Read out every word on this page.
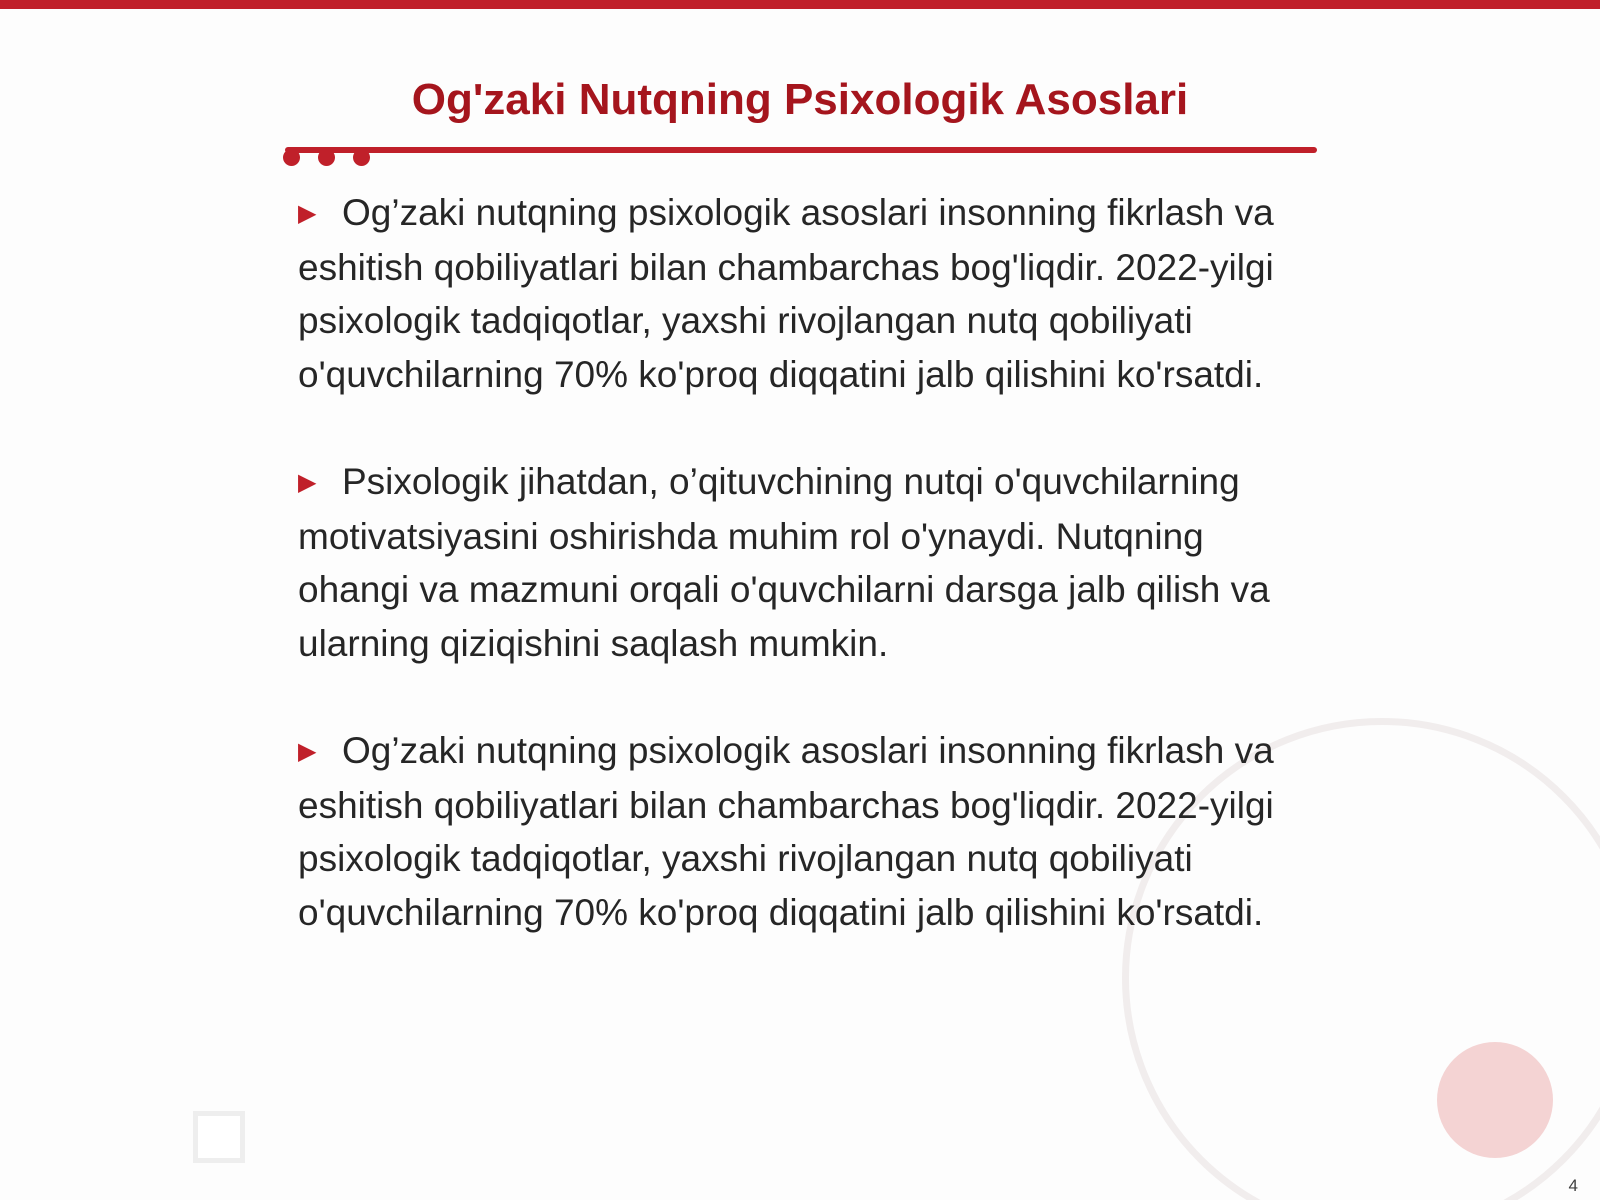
Og'zaki Nutqning Psixologik Asoslari

▶ Og’zaki nutqning psixologik asoslari insonning fikrlash va eshitish qobiliyatlari bilan chambarchas bog'liqdir. 2022-yilgi psixologik tadqiqotlar, yaxshi rivojlangan nutq qobiliyati o'quvchilarning 70% ko'proq diqqatini jalb qilishini ko'rsatdi.

▶ Psixologik jihatdan, o’qituvchining nutqi o'quvchilarning motivatsiyasini oshirishda muhim rol o'ynaydi. Nutqning ohangi va mazmuni orqali o'quvchilarni darsga jalb qilish va ularning qiziqishini saqlash mumkin.

▶ Og’zaki nutqning psixologik asoslari insonning fikrlash va eshitish qobiliyatlari bilan chambarchas bog'liqdir. 2022-yilgi psixologik tadqiqotlar, yaxshi rivojlangan nutq qobiliyati o'quvchilarning 70% ko'proq diqqatini jalb qilishini ko'rsatdi.

4
